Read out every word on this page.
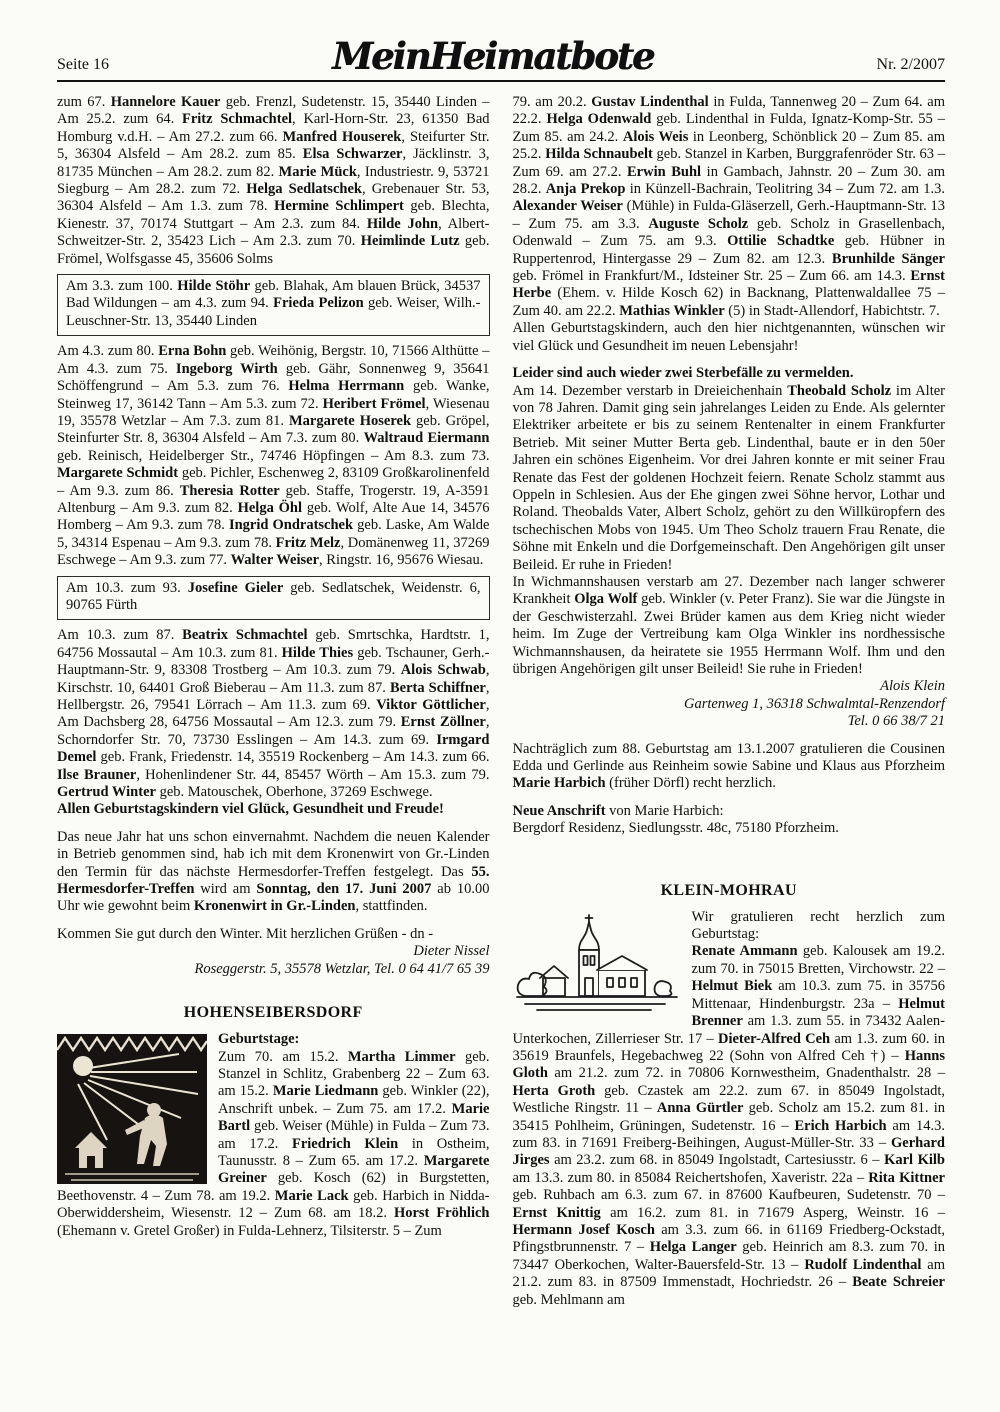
Seite 16	MeinHeimatbote	Nr. 2/2007

zum 67. Hannelore Kauer geb. Frenzl, Sudetenstr. 15, 35440 Linden – Am 25.2. zum 64. Fritz Schmachtel, Karl-Horn-Str. 23, 61350 Bad Homburg v.d.H. – Am 27.2. zum 66. Manfred Houserek, Steifurter Str. 5, 36304 Alsfeld – Am 28.2. zum 85. Elsa Schwarzer, Jäcklinstr. 3, 81735 München – Am 28.2. zum 82. Marie Mück, Industriestr. 9, 53721 Siegburg – Am 28.2. zum 72. Helga Sedlatschek, Grebenauer Str. 53, 36304 Alsfeld – Am 1.3. zum 78. Hermine Schlimpert geb. Blechta, Kienestr. 37, 70174 Stuttgart – Am 2.3. zum 84. Hilde John, Albert-Schweitzer-Str. 2, 35423 Lich – Am 2.3. zum 70. Heimlinde Lutz geb. Frömel, Wolfsgasse 45, 35606 Solms

Am 3.3. zum 100. Hilde Stöhr geb. Blahak, Am blauen Brück, 34537 Bad Wildungen – am 4.3. zum 94. Frieda Pelizon geb. Weiser, Wilh.-Leuschner-Str. 13, 35440 Linden

Am 4.3. zum 80. Erna Bohn geb. Weihönig, Bergstr. 10, 71566 Althütte – Am 4.3. zum 75. Ingeborg Wirth geb. Gähr, Sonnenweg 9, 35641 Schöffengrund – Am 5.3. zum 76. Helma Herrmann geb. Wanke, Steinweg 17, 36142 Tann – Am 5.3. zum 72. Heribert Frömel, Wiesenau 19, 35578 Wetzlar – Am 7.3. zum 81. Margarete Hoserek geb. Gröpel, Steinfurter Str. 8, 36304 Alsfeld – Am 7.3. zum 80. Waltraud Eiermann geb. Reinisch, Heidelberger Str., 74746 Höpfingen – Am 8.3. zum 73. Margarete Schmidt geb. Pichler, Eschenweg 2, 83109 Großkarolinenfeld – Am 9.3. zum 86. Theresia Rotter geb. Staffe, Trogerstr. 19, A-3591 Altenburg – Am 9.3. zum 82. Helga Öhl geb. Wolf, Alte Aue 14, 34576 Homberg – Am 9.3. zum 78. Ingrid Ondratschek geb. Laske, Am Walde 5, 34314 Espenau – Am 9.3. zum 78. Fritz Melz, Domänenweg 11, 37269 Eschwege – Am 9.3. zum 77. Walter Weiser, Ringstr. 16, 95676 Wiesau.

Am 10.3. zum 93. Josefine Gieler geb. Sedlatschek, Weidenstr. 6, 90765 Fürth

Am 10.3. zum 87. Beatrix Schmachtel geb. Smrtschka, Hardtstr. 1, 64756 Mossautal – Am 10.3. zum 81. Hilde Thies geb. Tschauner, Gerh.-Hauptmann-Str. 9, 83308 Trostberg – Am 10.3. zum 79. Alois Schwab, Kirschstr. 10, 64401 Groß Bieberau – Am 11.3. zum 87. Berta Schiffner, Hellbergstr. 26, 79541 Lörrach – Am 11.3. zum 69. Viktor Göttlicher, Am Dachsberg 28, 64756 Mossautal – Am 12.3. zum 79. Ernst Zöllner, Schorndorfer Str. 70, 73730 Esslingen – Am 14.3. zum 69. Irmgard Demel geb. Frank, Friedenstr. 14, 35519 Rockenberg – Am 14.3. zum 66. Ilse Brauner, Hohenlindener Str. 44, 85457 Wörth – Am 15.3. zum 79. Gertrud Winter geb. Matouschek, Oberhone, 37269 Eschwege.

Allen Geburtstagskindern viel Glück, Gesundheit und Freude!

Das neue Jahr hat uns schon einvernahmt. Nachdem die neuen Kalender in Betrieb genommen sind, hab ich mit dem Kronenwirt von Gr.-Linden den Termin für das nächste Hermesdorfer-Treffen festgelegt. Das 55. Hermesdorfer-Treffen wird am Sonntag, den 17. Juni 2007 ab 10.00 Uhr wie gewohnt beim Kronenwirt in Gr.-Linden, stattfinden.

Kommen Sie gut durch den Winter. Mit herzlichen Grüßen - dn -

Dieter Nissel

Roseggerstr. 5, 35578 Wetzlar, Tel. 0 64 41/7 65 39

HOHENSEIBERSDORF

Geburtstage:

Zum 70. am 15.2. Martha Limmer geb. Stanzel in Schlitz, Grabenberg 22 – Zum 63. am 15.2. Marie Liedmann geb. Winkler (22), Anschrift unbek. – Zum 75. am 17.2. Marie Bartl geb. Weiser (Mühle) in Fulda – Zum 73. am 17.2. Friedrich Klein in Ostheim, Taunusstr. 8 – Zum 65. am 17.2. Margarete Greiner geb. Kosch (62) in Burgstetten, Beethovenstr. 4 – Zum 78. am 19.2. Marie Lack geb. Harbich in Nidda-Oberwiddersheim, Wiesenstr. 12 – Zum 68. am 18.2. Horst Fröhlich (Ehemann v. Gretel Großer) in Fulda-Lehnerz, Tilsiterstr. 5 – Zum

79. am 20.2. Gustav Lindenthal in Fulda, Tannenweg 20 – Zum 64. am 22.2. Helga Odenwald geb. Lindenthal in Fulda, Ignatz-Komp-Str. 55 – Zum 85. am 24.2. Alois Weis in Leonberg, Schönblick 20 – Zum 85. am 25.2. Hilda Schnaubelt geb. Stanzel in Karben, Burggrafenröder Str. 63 – Zum 69. am 27.2. Erwin Buhl in Gambach, Jahnstr. 20 – Zum 30. am 28.2. Anja Prekop in Künzell-Bachrain, Teolitring 34 – Zum 72. am 1.3. Alexander Weiser (Mühle) in Fulda-Gläserzell, Gerh.-Hauptmann-Str. 13 – Zum 75. am 3.3. Auguste Scholz geb. Scholz in Grasellenbach, Odenwald – Zum 75. am 9.3. Ottilie Schadtke geb. Hübner in Ruppertenrod, Hintergasse 29 – Zum 82. am 12.3. Brunhilde Sänger geb. Frömel in Frankfurt/M., Idsteiner Str. 25 – Zum 66. am 14.3. Ernst Herbe (Ehem. v. Hilde Kosch 62) in Backnang, Plattenwaldallee 75 – Zum 40. am 22.2. Mathias Winkler (5) in Stadt-Allendorf, Habichtstr. 7.

Allen Geburtstagskindern, auch den hier nichtgenannten, wünschen wir viel Glück und Gesundheit im neuen Lebensjahr!

Leider sind auch wieder zwei Sterbefälle zu vermelden.

Am 14. Dezember verstarb in Dreieichenhain Theobald Scholz im Alter von 78 Jahren. Damit ging sein jahrelanges Leiden zu Ende. Als gelernter Elektriker arbeitete er bis zu seinem Rentenalter in einem Frankfurter Betrieb. Mit seiner Mutter Berta geb. Lindenthal, baute er in den 50er Jahren ein schönes Eigenheim. Vor drei Jahren konnte er mit seiner Frau Renate das Fest der goldenen Hochzeit feiern. Renate Scholz stammt aus Oppeln in Schlesien. Aus der Ehe gingen zwei Söhne hervor, Lothar und Roland. Theobalds Vater, Albert Scholz, gehört zu den Willküropfern des tschechischen Mobs von 1945. Um Theo Scholz trauern Frau Renate, die Söhne mit Enkeln und die Dorfgemeinschaft. Den Angehörigen gilt unser Beileid. Er ruhe in Frieden!

In Wichmannshausen verstarb am 27. Dezember nach langer schwerer Krankheit Olga Wolf geb. Winkler (v. Peter Franz). Sie war die Jüngste in der Geschwisterzahl. Zwei Brüder kamen aus dem Krieg nicht wieder heim. Im Zuge der Vertreibung kam Olga Winkler ins nordhessische Wichmannshausen, da heiratete sie 1955 Herrmann Wolf. Ihm und den übrigen Angehörigen gilt unser Beileid! Sie ruhe in Frieden!

Alois Klein

Gartenweg 1, 36318 Schwalmtal-Renzendorf

Tel. 0 66 38/7 21

Nachträglich zum 88. Geburtstag am 13.1.2007 gratulieren die Cousinen Edda und Gerlinde aus Reinheim sowie Sabine und Klaus aus Pforzheim Marie Harbich (früher Dörfl) recht herzlich.

Neue Anschrift von Marie Harbich:

Bergdorf Residenz, Siedlungsstr. 48c, 75180 Pforzheim.

KLEIN-MOHRAU

Wir gratulieren recht herzlich zum Geburtstag:

Renate Ammann geb. Kalousek am 19.2. zum 70. in 75015 Bretten, Virchowstr. 22 – Helmut Biek am 10.3. zum 75. in 35756 Mittenaar, Hindenburgstr. 23a – Helmut Brenner am 1.3. zum 55. in 73432 Aalen-Unterkochen, Zillerrieser Str. 17 – Dieter-Alfred Ceh am 1.3. zum 60. in 35619 Braunfels, Hegebachweg 22 (Sohn von Alfred Ceh †) – Hanns Gloth am 21.2. zum 72. in 70806 Kornwestheim, Gnadenthalstr. 28 – Herta Groth geb. Czastek am 22.2. zum 67. in 85049 Ingolstadt, Westliche Ringstr. 11 – Anna Gürtler geb. Scholz am 15.2. zum 81. in 35415 Pohlheim, Grüningen, Sudetenstr. 16 – Erich Harbich am 14.3. zum 83. in 71691 Freiberg-Beihingen, August-Müller-Str. 33 – Gerhard Jirges am 23.2. zum 68. in 85049 Ingolstadt, Cartesiusstr. 6 – Karl Kilb am 13.3. zum 80. in 85084 Reichertshofen, Xaveristr. 22a – Rita Kittner geb. Ruhbach am 6.3. zum 67. in 87600 Kaufbeuren, Sudetenstr. 70 – Ernst Knittig am 16.2. zum 81. in 71679 Asperg, Weinstr. 16 – Hermann Josef Kosch am 3.3. zum 66. in 61169 Friedberg-Ockstadt, Pfingstbrunnenstr. 7 – Helga Langer geb. Heinrich am 8.3. zum 70. in 73447 Oberkochen, Walter-Bauersfeld-Str. 13 – Rudolf Lindenthal am 21.2. zum 83. in 87509 Immenstadt, Hochriedstr. 26 – Beate Schreier geb. Mehlmann am
